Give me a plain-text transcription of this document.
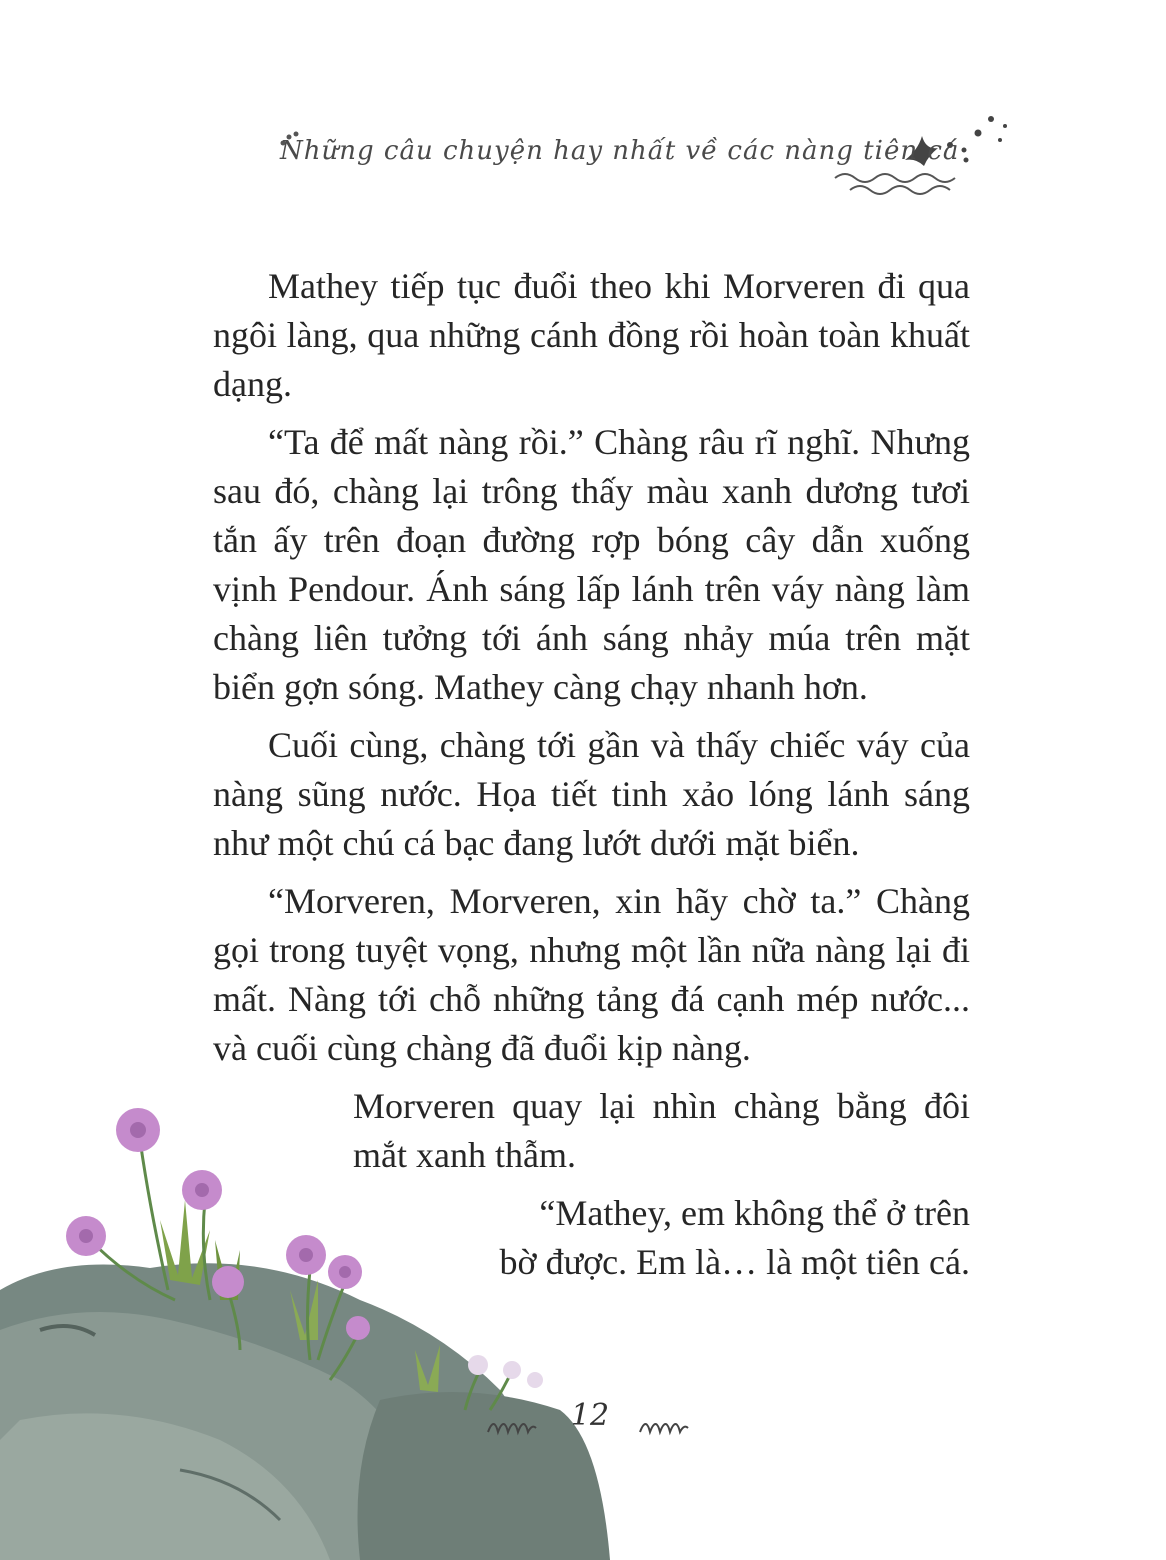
Những câu chuyện hay nhất về các nàng tiên cá

Mathey tiếp tục đuổi theo khi Morveren đi qua ngôi làng, qua những cánh đồng rồi hoàn toàn khuất dạng.

“Ta để mất nàng rồi.” Chàng râu rĩ nghĩ. Nhưng sau đó, chàng lại trông thấy màu xanh dương tươi tắn ấy trên đoạn đường rợp bóng cây dẫn xuống vịnh Pendour. Ánh sáng lấp lánh trên váy nàng làm chàng liên tưởng tới ánh sáng nhảy múa trên mặt biển gợn sóng. Mathey càng chạy nhanh hơn.

Cuối cùng, chàng tới gần và thấy chiếc váy của nàng sũng nước. Họa tiết tinh xảo lóng lánh sáng như một chú cá bạc đang lướt dưới mặt biển.

“Morveren, Morveren, xin hãy chờ ta.” Chàng gọi trong tuyệt vọng, nhưng một lần nữa nàng lại đi mất. Nàng tới chỗ những tảng đá cạnh mép nước... và cuối cùng chàng đã đuổi kịp nàng.

Morveren quay lại nhìn chàng bằng đôi mắt xanh thẫm.

“Mathey, em không thể ở trên bờ được. Em là… là một tiên cá.

12
